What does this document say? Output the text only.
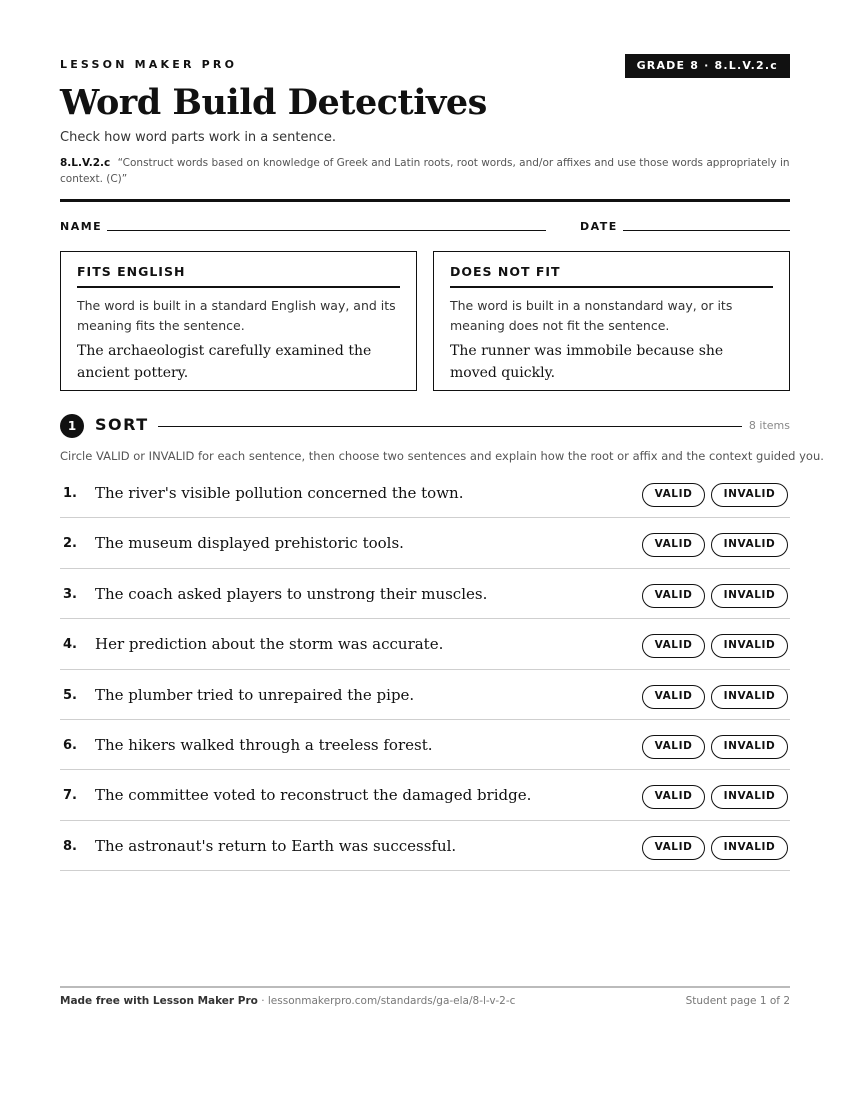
LESSON MAKER PRO	GRADE 8 · 8.L.V.2.c
Word Build Detectives
Check how word parts work in a sentence.
8.L.V.2.c “Construct words based on knowledge of Greek and Latin roots, root words, and/or affixes and use those words appropriately in context. (C)”
NAME	DATE
FITS ENGLISH
The word is built in a standard English way, and its meaning fits the sentence.
The archaeologist carefully examined the ancient pottery.
DOES NOT FIT
The word is built in a nonstandard way, or its meaning does not fit the sentence.
The runner was immobile because she moved quickly.
1	SORT	8 items
Circle VALID or INVALID for each sentence, then choose two sentences and explain how the root or affix and the context guided you.
1. The river's visible pollution concerned the town.	VALID	INVALID
2. The museum displayed prehistoric tools.	VALID	INVALID
3. The coach asked players to unstrong their muscles.	VALID	INVALID
4. Her prediction about the storm was accurate.	VALID	INVALID
5. The plumber tried to unrepaired the pipe.	VALID	INVALID
6. The hikers walked through a treeless forest.	VALID	INVALID
7. The committee voted to reconstruct the damaged bridge.	VALID	INVALID
8. The astronaut's return to Earth was successful.	VALID	INVALID
Made free with Lesson Maker Pro · lessonmakerpro.com/standards/ga-ela/8-l-v-2-c	Student page 1 of 2
